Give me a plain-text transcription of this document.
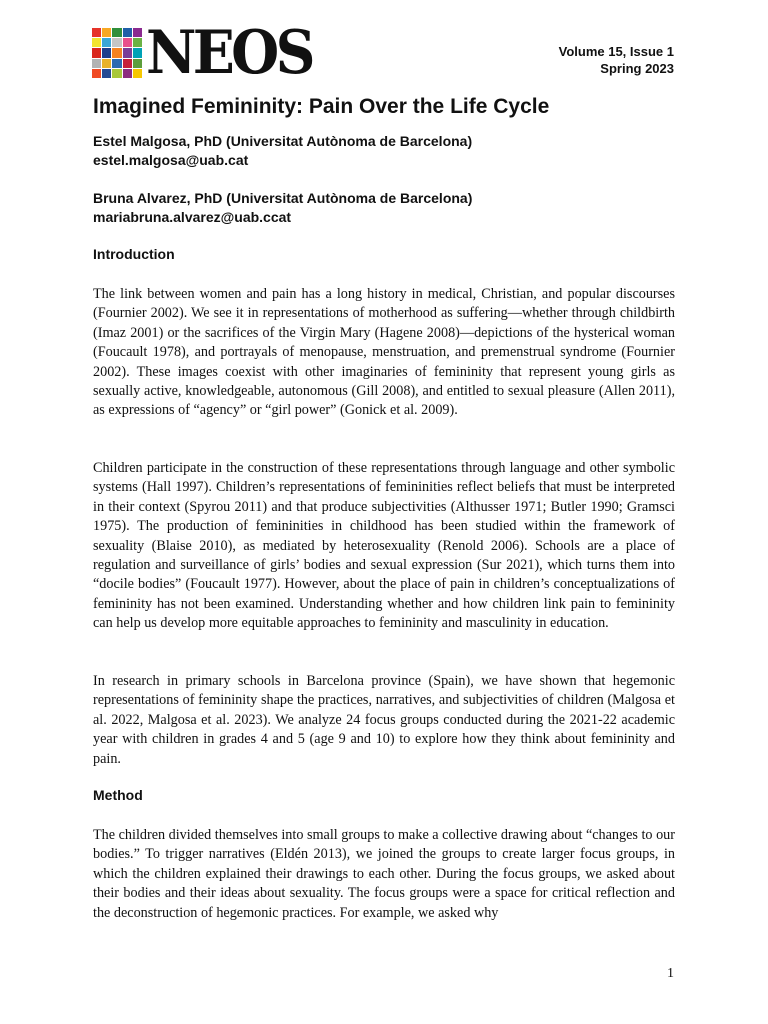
NEOS	Volume 15, Issue 1
Spring 2023
Imagined Femininity: Pain Over the Life Cycle
Estel Malgosa, PhD (Universitat Autònoma de Barcelona)
estel.malgosa@uab.cat
Bruna Alvarez, PhD (Universitat Autònoma de Barcelona)
mariabruna.alvarez@uab.ccat
Introduction

The link between women and pain has a long history in medical, Christian, and popular discourses (Fournier 2002). We see it in representations of motherhood as suffering—whether through childbirth (Imaz 2001) or the sacrifices of the Virgin Mary (Hagene 2008)—depictions of the hysterical woman (Foucault 1978), and portrayals of menopause, menstruation, and premenstrual syndrome (Fournier 2002). These images coexist with other imaginaries of femininity that represent young girls as sexually active, knowledgeable, autonomous (Gill 2008), and entitled to sexual pleasure (Allen 2011), as expressions of “agency” or “girl power” (Gonick et al. 2009).

Children participate in the construction of these representations through language and other symbolic systems (Hall 1997). Children’s representations of femininities reflect beliefs that must be interpreted in their context (Spyrou 2011) and that produce subjectivities (Althusser 1971; Butler 1990; Gramsci 1975). The production of femininities in childhood has been studied within the framework of sexuality (Blaise 2010), as mediated by heterosexuality (Renold 2006). Schools are a place of regulation and surveillance of girls’ bodies and sexual expression (Sur 2021), which turns them into “docile bodies” (Foucault 1977). However, about the place of pain in children’s conceptualizations of femininity has not been examined. Understanding whether and how children link pain to femininity can help us develop more equitable approaches to femininity and masculinity in education.

In research in primary schools in Barcelona province (Spain), we have shown that hegemonic representations of femininity shape the practices, narratives, and subjectivities of children (Malgosa et al. 2022, Malgosa et al. 2023). We analyze 24 focus groups conducted during the 2021-22 academic year with children in grades 4 and 5 (age 9 and 10) to explore how they think about femininity and pain.

Method

The children divided themselves into small groups to make a collective drawing about “changes to our bodies.” To trigger narratives (Eldén 2013), we joined the groups to create larger focus groups, in which the children explained their drawings to each other. During the focus groups, we asked about their bodies and their ideas about sexuality. The focus groups were a space for critical reflection and the deconstruction of hegemonic practices. For example, we asked why

1
